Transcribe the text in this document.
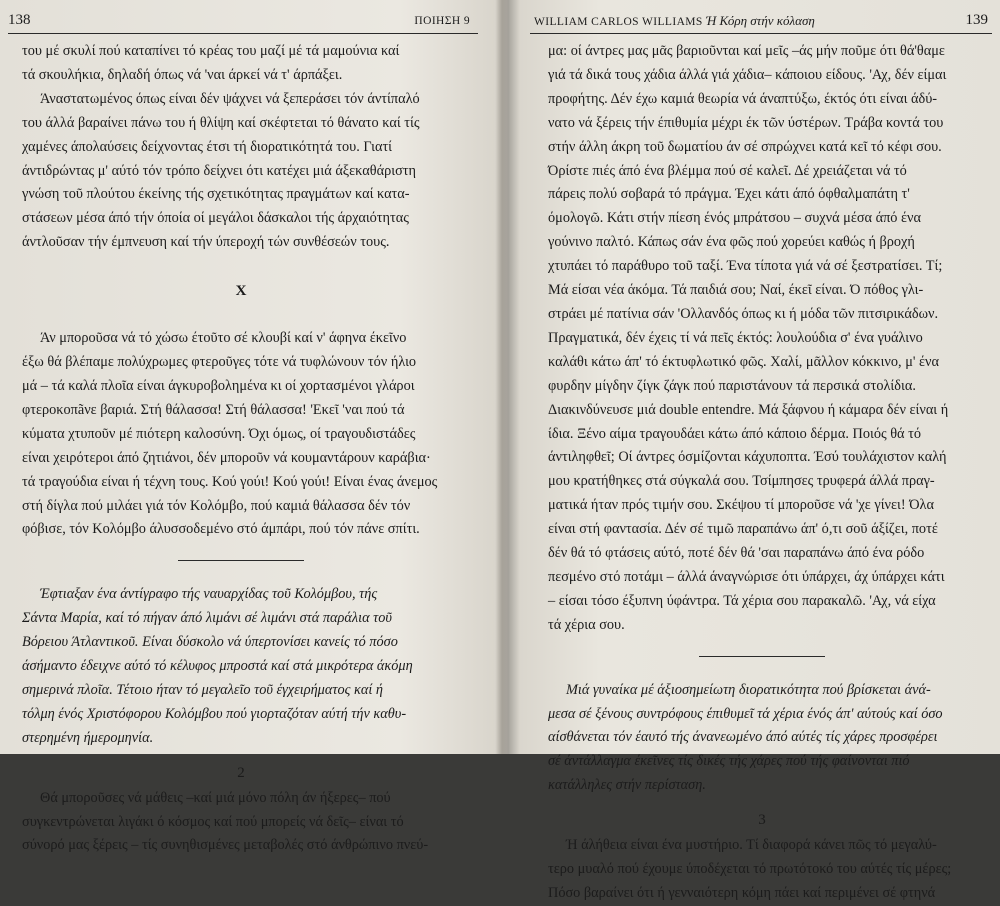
138	ΠΟΙΗΣΗ 9

του μέ σκυλί πού καταπίνει τό κρέας του μαζί μέ τά μαμούνια καί
τά σκουλήκια, δηλαδή όπως νά 'ναι άρκεί νά τ' άρπάξει.

Άναστατωμένος όπως είναι δέν ψάχνει νά ξεπεράσει τόν άντίπαλό
του άλλά βαραίνει πάνω του ή θλίψη καί σκέφτεται τό θάνατο καί τίς
χαμένες άπολαύσεις δείχνοντας έτσι τή διορατικότητά του. Γιατί
άντιδρώντας μ' αύτό τόν τρόπο δείχνει ότι κατέχει μιά άξεκαθάριστη
γνώση τοῦ πλούτου έκείνης τής σχετικότητας πραγμάτων καί κατα-
στάσεων μέσα άπό τήν όποία οί μεγάλοι δάσκαλοι τής άρχαιότητας
άντλοῦσαν τήν έμπνευση καί τήν ύπεροχή τών συνθέσεών τους.

X

Άν μποροῦσα νά τό χώσω έτοῦτο σέ κλουβί καί ν' άφηνα έκεῖνο
έξω θά βλέπαμε πολύχρωμες φτεροῦγες τότε νά τυφλώνουν τόν ήλιο
μά – τά καλά πλοῖα είναι άγκυροβολημένα κι οί χορτασμένοι γλάροι
φτερoκoπãνε βαριά. Στή θάλασσα! Στή θάλασσα! 'Εκεῖ 'ναι πού τά
κύματα χτυποῦν μέ πιότερη καλοσύνη. Όχι όμως, οί τραγουδιστάδες
είναι χειρότεροι άπό ζητιάνοι, δέν μποροῦν νά κουμαντάρουν καράβια·
τά τραγούδια είναι ή τέχνη τους. Κού γούι! Κού γούι! Είναι ένας άνεμος
στή δίγλα πού μιλάει γιά τόν Κολόμβο, πού καμιά θάλασσα δέν τόν
φόβισε, τόν Κολόμβο άλυσσοδεμένο στό άμπάρι, πού τόν πάνε σπίτι.

Έφτιαξαν ένα άντίγραφο τής ναυαρχίδας τοῦ Κολόμβου, τής
Σάντα Μαρία, καί τό πήγαν άπό λιμάνι σέ λιμάνι στά παράλια τοῦ
Βόρειου Άτλαντικοῦ. Είναι δύσκολο νά ύπερτονίσει κανείς τό πόσο
άσήμαντο έδειχνε αύτό τό κέλυφος μπροστά καί στά μικρότερα άκόμη
σημερινά πλοῖα. Τέτοιο ήταν τό μεγαλεῖο τοῦ έγχειρήματος καί ή
τόλμη ένός Χριστόφορου Κολόμβου πού γιορταζόταν αύτή τήν καθυ-
στερημένη ήμερομηνία.

2

Θά μποροῦσες νά μάθεις –καί μιά μόνο πόλη άν ήξερες– πού
συγκεντρώνεται λιγάκι ό κόσμος καί πού μπορείς νά δεῖς– είναι τό
σύνορό μας ξέρεις – τίς συνηθισμένες μεταβολές στό άνθρώπινο πνεύ-

WILLIAM CARLOS WILLIAMS Ή Κόρη στήν κόλαση	139

μα: οί άντρες μας μᾶς βαριοῦνται καί μεῖς –άς μήν ποῦμε ότι θά'θαμε
γιά τά δικά τους χάδια άλλά γιά χάδια– κάποιου είδους. 'Αχ, δέν είμαι
προφήτης. Δέν έχω καμιά θεωρία νά άναπτύξω, έκτός ότι είναι άδύ-
νατο νά ξέρεις τήν έπιθυμία μέχρι έκ τῶν ύστέρων. Τράβα κοντά του
στήν άλλη άκρη τοῦ δωματίου άν σέ σπρώχνει κατά κεῖ τό κέφι σου.
Όρίστε πιές άπό ένα βλέμμα πού σέ καλεῖ. Δέ χρειάζεται νά τό
πάρεις πολύ σοβαρά τό πράγμα. Έχει κάτι άπό όφθαλμαπάτη τ'
όμολογῶ. Κάτι στήν πίεση ένός μπράτσου – συχνά μέσα άπό ένα
γούνινο παλτό. Κάπως σάν ένα φῶς πού χορεύει καθώς ή βροχή
χτυπάει τό παράθυρο τοῦ ταξί. Ένα τίποτα γιά νά σέ ξεστρατίσει. Τί;
Μά είσαι νέα άκόμα. Τά παιδιά σου; Ναί, έκεῖ είναι. Ό πόθος γλι-
στράει μέ πατίνια σάν 'Ολλανδός όπως κι ή μόδα τῶν πιτσιρικάδων.
Πραγματικά, δέν έχεις τί νά πεῖς έκτός: λουλούδια σ' ένα γυάλινο
καλάθι κάτω άπ' τό έκτυφλωτικό φῶς. Χαλί, μᾶλλον κόκκινο, μ' ένα
φυρδην μίγδην ζίγκ ζάγκ πού παριστάνουν τά περσικά στολίδια.
Διακινδύνευσε μιά double entendre. Μά ξάφνου ή κάμαρα δέν είναι ή
ίδια. Ξένο αίμα τραγουδάει κάτω άπό κάποιο δέρμα. Ποιός θά τό
άντιληφθεῖ; Οί άντρες όσμίζονται κάχυποπτα. Έσύ τουλάχιστον καλή
μου κρατήθηκες στά σύγκαλά σου. Τσίμπησες τρυφερά άλλά πραγ-
ματικά ήταν πρός τιμήν σου. Σκέψου τί μποροῦσε νά 'χε γίνει! Όλα
είναι στή φαντασία. Δέν σέ τιμῶ παραπάνω άπ' ό,τι σοῦ άξίζει, ποτέ
δέν θά τό φτάσεις αύτό, ποτέ δέν θά 'σαι παραπάνω άπό ένα ρόδο
πεσμένο στό ποτάμι – άλλά άναγνώρισε ότι ύπάρχει, άχ ύπάρχει κάτι
– είσαι τόσο έξυπνη ύφάντρα. Τά χέρια σου παρακαλῶ. 'Αχ, νά είχα
τά χέρια σου.

Μιά γυναίκα μέ άξιοσημείωτη διορατικότητα πού βρίσκεται άνά-
μεσα σέ ξένους συντρόφους έπιθυμεῖ τά χέρια ένός άπ' αύτούς καί όσο
αίσθάνεται τόν έαυτό τής άνανεωμένο άπό αύτές τίς χάρες προσφέρει
σέ άντάλλαγμα έκεῖνες τίς δικές τής χάρες πού τής φαίνονται πιό
κατάλληλες στήν περίσταση.

3

Ή άλήθεια είναι ένα μυστήριο. Τί διαφορά κάνει πῶς τό μεγαλύ-
τερο μυαλό πού έχουμε ύποδέχεται τό πρωτότοκό του αύτές τίς μέρες;
Πόσο βαραίνει ότι ή γενναιότερη κόμη πάει καί περιμένει σέ φτηνά
